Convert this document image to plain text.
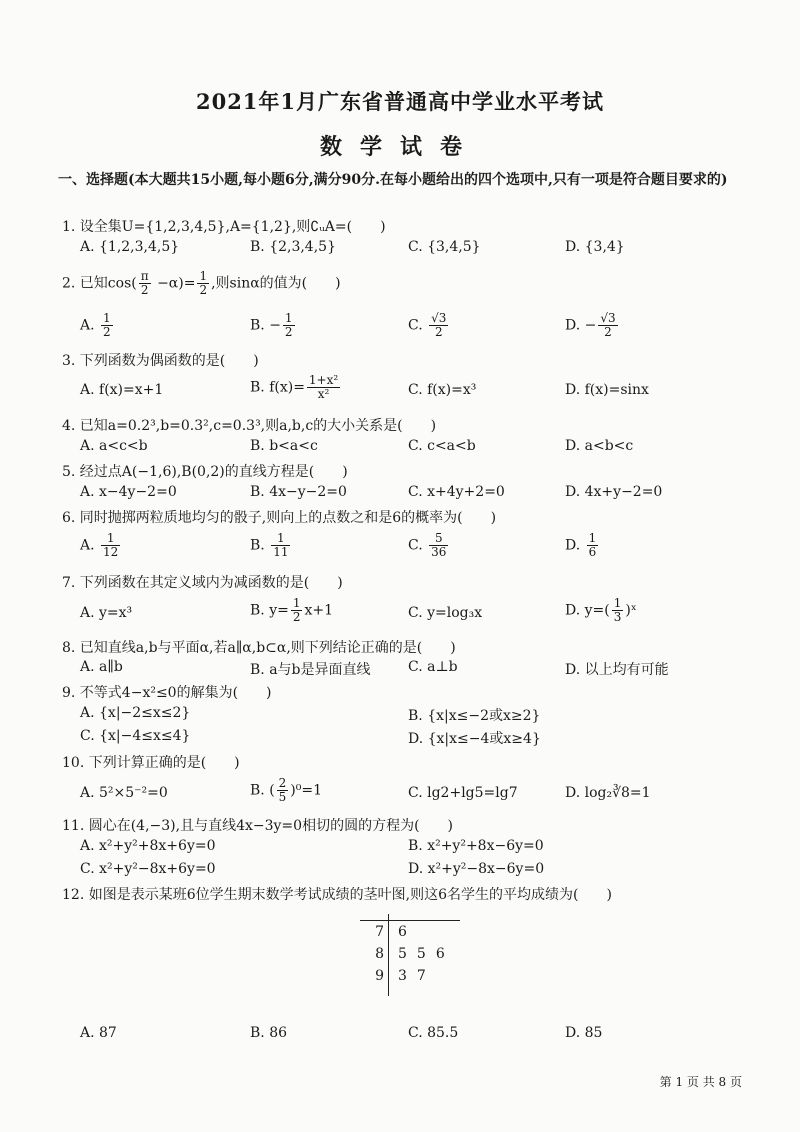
2021年1月广东省普通高中学业水平考试
数学试卷
一、选择题(本大题共15小题,每小题6分,满分90分.在每小题给出的四个选项中,只有一项是符合题目要求的)
1. 设全集U={1,2,3,4,5},A={1,2},则∁ᵤA=(　　)
A. {1,2,3,4,5}	B. {2,3,4,5}	C. {3,4,5}	D. {3,4}
2. 已知$\cos( \frac{\pi}{2} -\alpha)= \frac{1}{2}$ ,则sinα的值为(　　)
A. $\frac{1}{2}$	B. − $\frac{1}{2}$	C. $\frac{√3}{2}$	D. − $\frac{√3}{2}$
3. 下列函数为偶函数的是(　　)
A. f(x)=x+1	B. $f(x)= \frac{\text{1+x²}}{\text{x²}}$	C. f(x)=x³	D. f(x)=sinx
4. 已知a=0.2³,b=0.3²,c=0.3³,则a,b,c的大小关系是(　　)
A. a<c<b	B. b<a<c	C. c<a<b	D. a<b<c
5. 经过点A(−1,6),B(0,2)的直线方程是(　　)
A. x−4y−2=0	B. 4x−y−2=0	C. x+4y+2=0	D. 4x+y−2=0
6. 同时抛掷两粒质地均匀的骰子,则向上的点数之和是6的概率为(　　)
A. $\frac{1}{12}$	B. $\frac{1}{11}$	C. $\frac{5}{36}$	D. $\frac{1}{6}$
7. 下列函数在其定义域内为减函数的是(　　)
A. y=x³	B. $y= \frac{1}{2} x+1$	C. y=log₃x	D. $y=( \frac{1}{3}$ )ˣ
8. 已知直线a,b与平面α,若a∥α,b⊂α,则下列结论正确的是(　　)
A. a∥b	B. a与b是异面直线	C. a⊥b	D. 以上均有可能
9. 不等式4−x²≤0的解集为(　　)
A. {x|−2≤x≤2}	B. {x|x≤−2或x≥2}
C. {x|−4≤x≤4}	D. {x|x≤−4或x≥4}
10. 下列计算正确的是(　　)
A. 5²×5⁻²=0	B. ( $\frac{2}{5} )^0=1$	C. lg2+lg5=lg7	D. log₂∛8=1
11. 圆心在(4,−3),且与直线4x−3y=0相切的圆的方程为(　　)
A. x²+y²+8x+6y=0	B. x²+y²+8x−6y=0
C. x²+y²−8x+6y=0	D. x²+y²−8x−6y=0
12. 如图是表示某班6位学生期末数学考试成绩的茎叶图,则这6名学生的平均成绩为(　　)
7 6
8 556
9 37
A. 87	B. 86	C. 85.5	D. 85
第 1 页 共 8 页
